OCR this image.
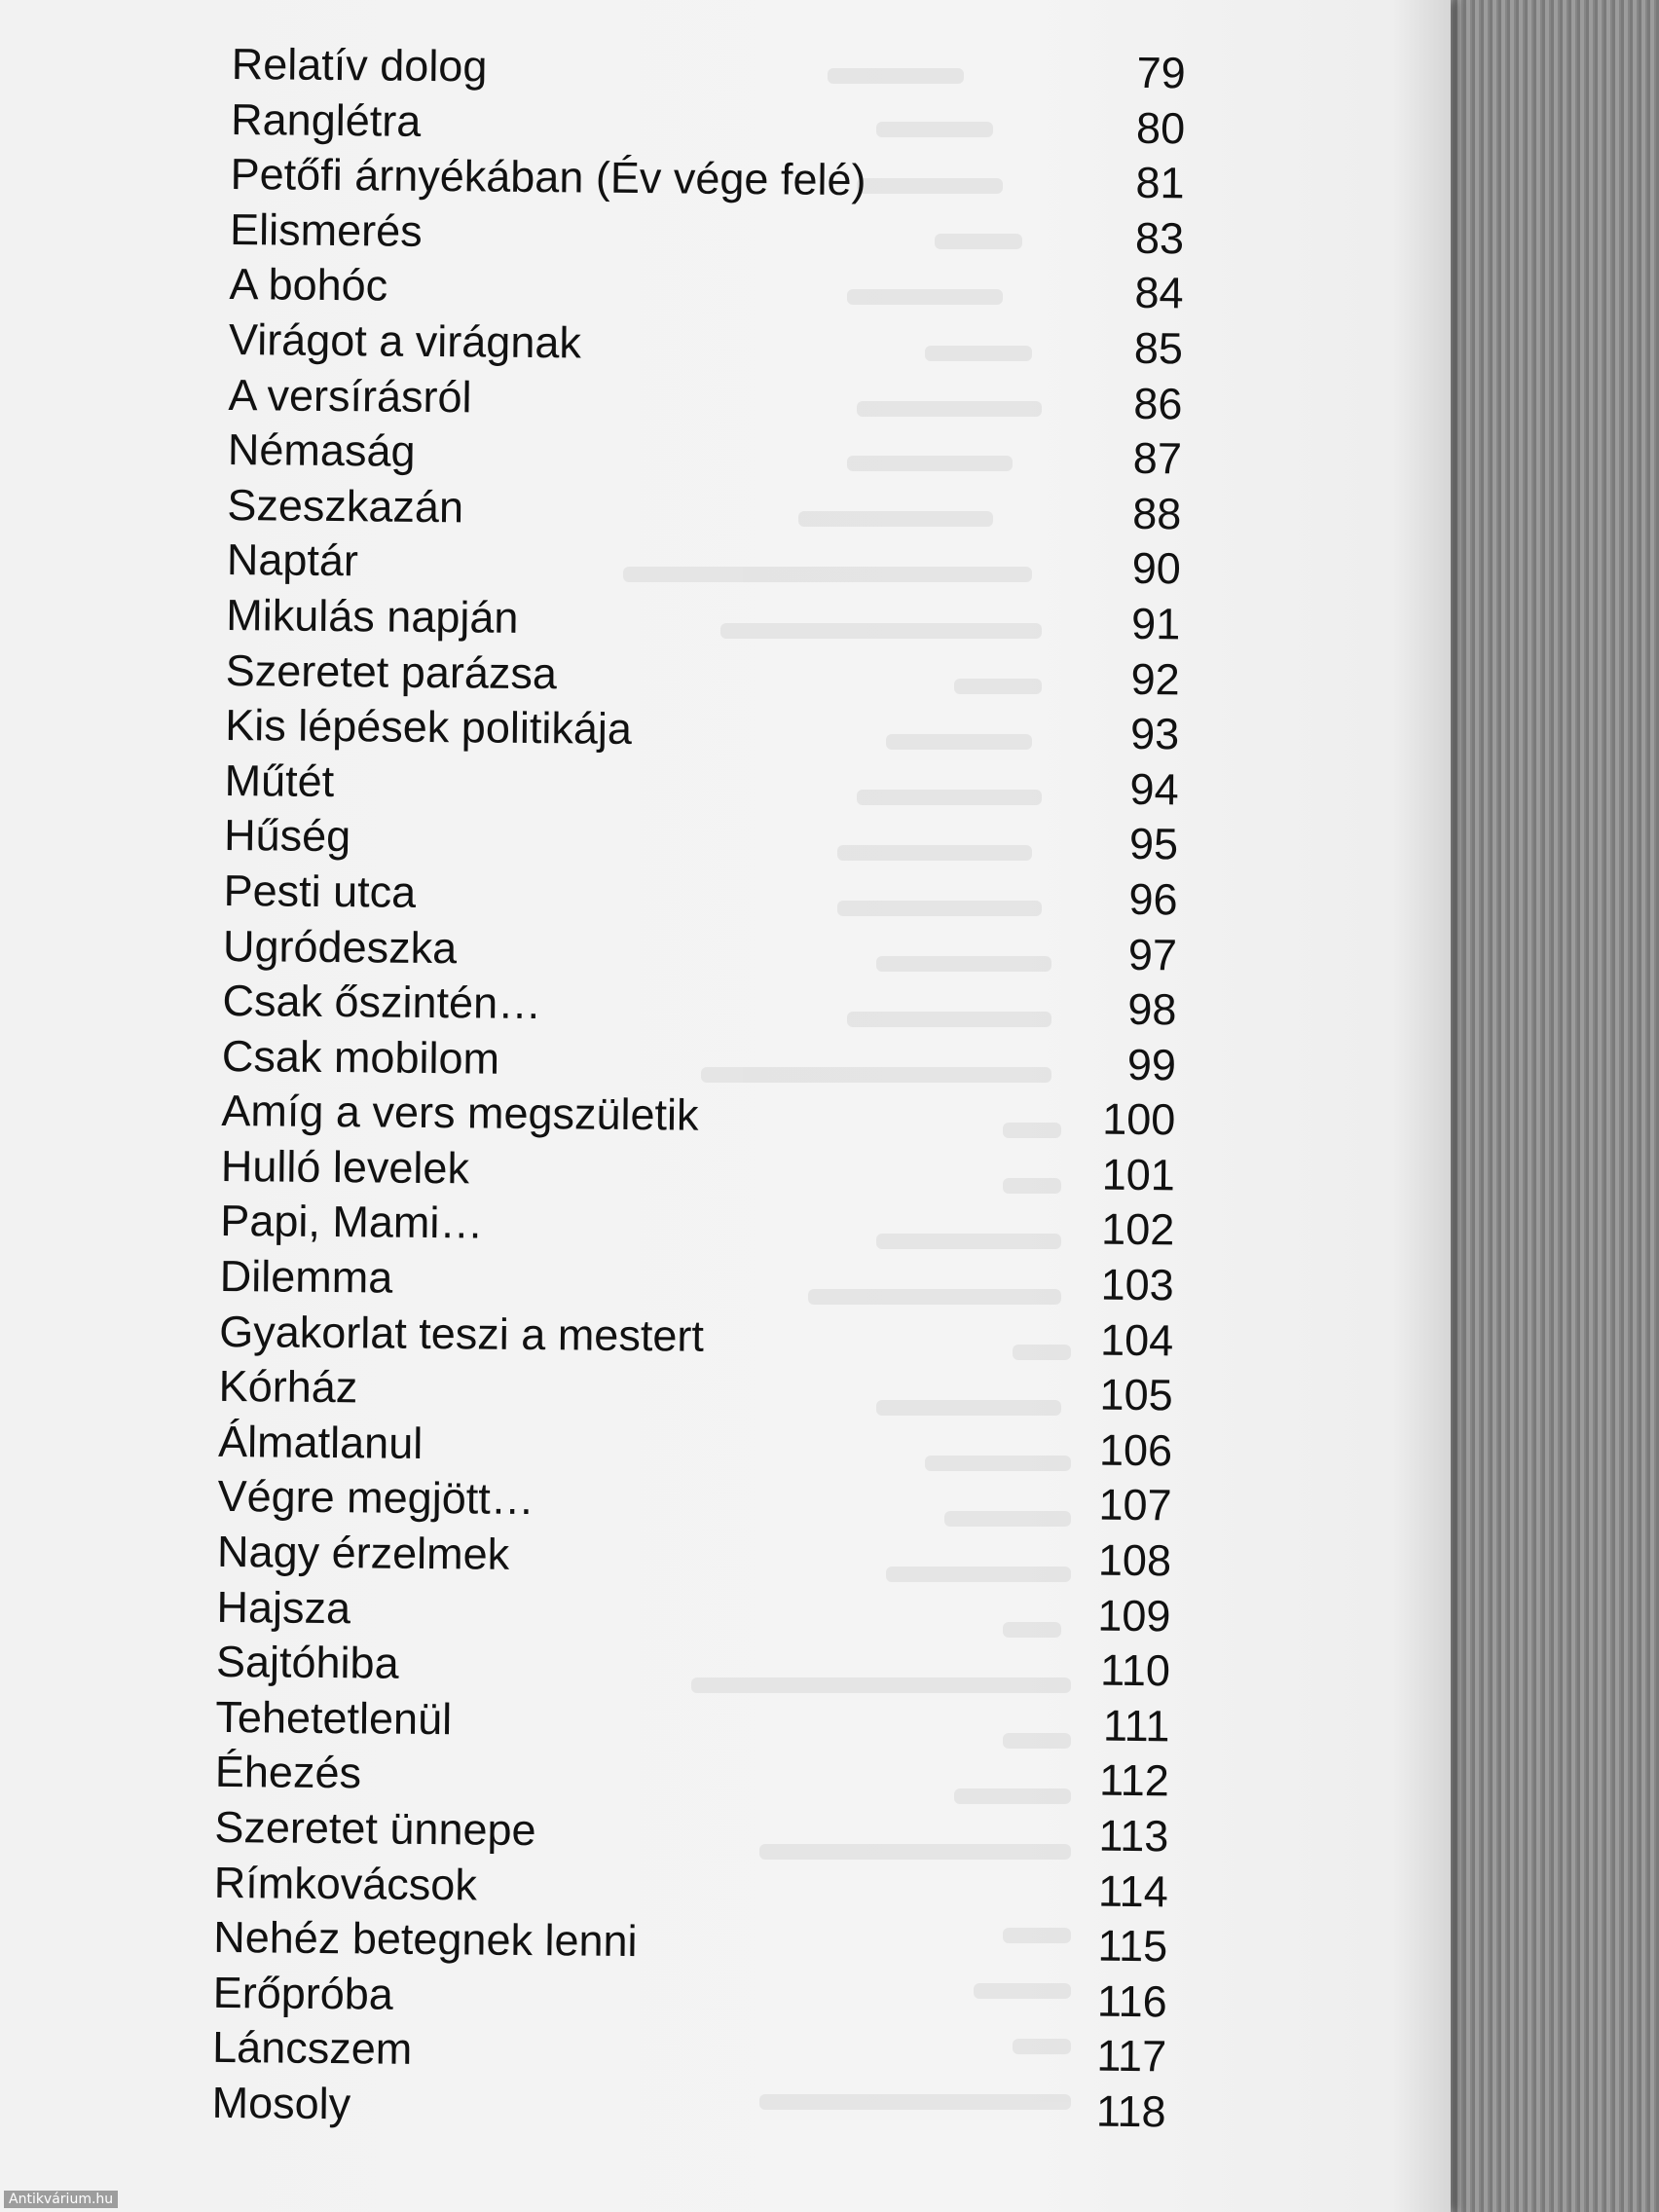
Relatív dolog	79
Ranglétra	80
Petőfi árnyékában (Év vége felé)	81
Elismerés	83
A bohóc	84
Virágot a virágnak	85
A versírásról	86
Némaság	87
Szeszkazán	88
Naptár	90
Mikulás napján	91
Szeretet parázsa	92
Kis lépések politikája	93
Műtét	94
Hűség	95
Pesti utca	96
Ugródeszka	97
Csak őszintén…	98
Csak mobilom	99
Amíg a vers megszületik	100
Hulló levelek	101
Papi, Mami…	102
Dilemma	103
Gyakorlat teszi a mestert	104
Kórház	105
Álmatlanul	106
Végre megjött…	107
Nagy érzelmek	108
Hajsza	109
Sajtóhiba	110
Tehetetlenül	111
Éhezés	112
Szeretet ünnepe	113
Rímkovácsok	114
Nehéz betegnek lenni	115
Erőpróba	116
Láncszem	117
Mosoly	118
Antikvárium.hu
